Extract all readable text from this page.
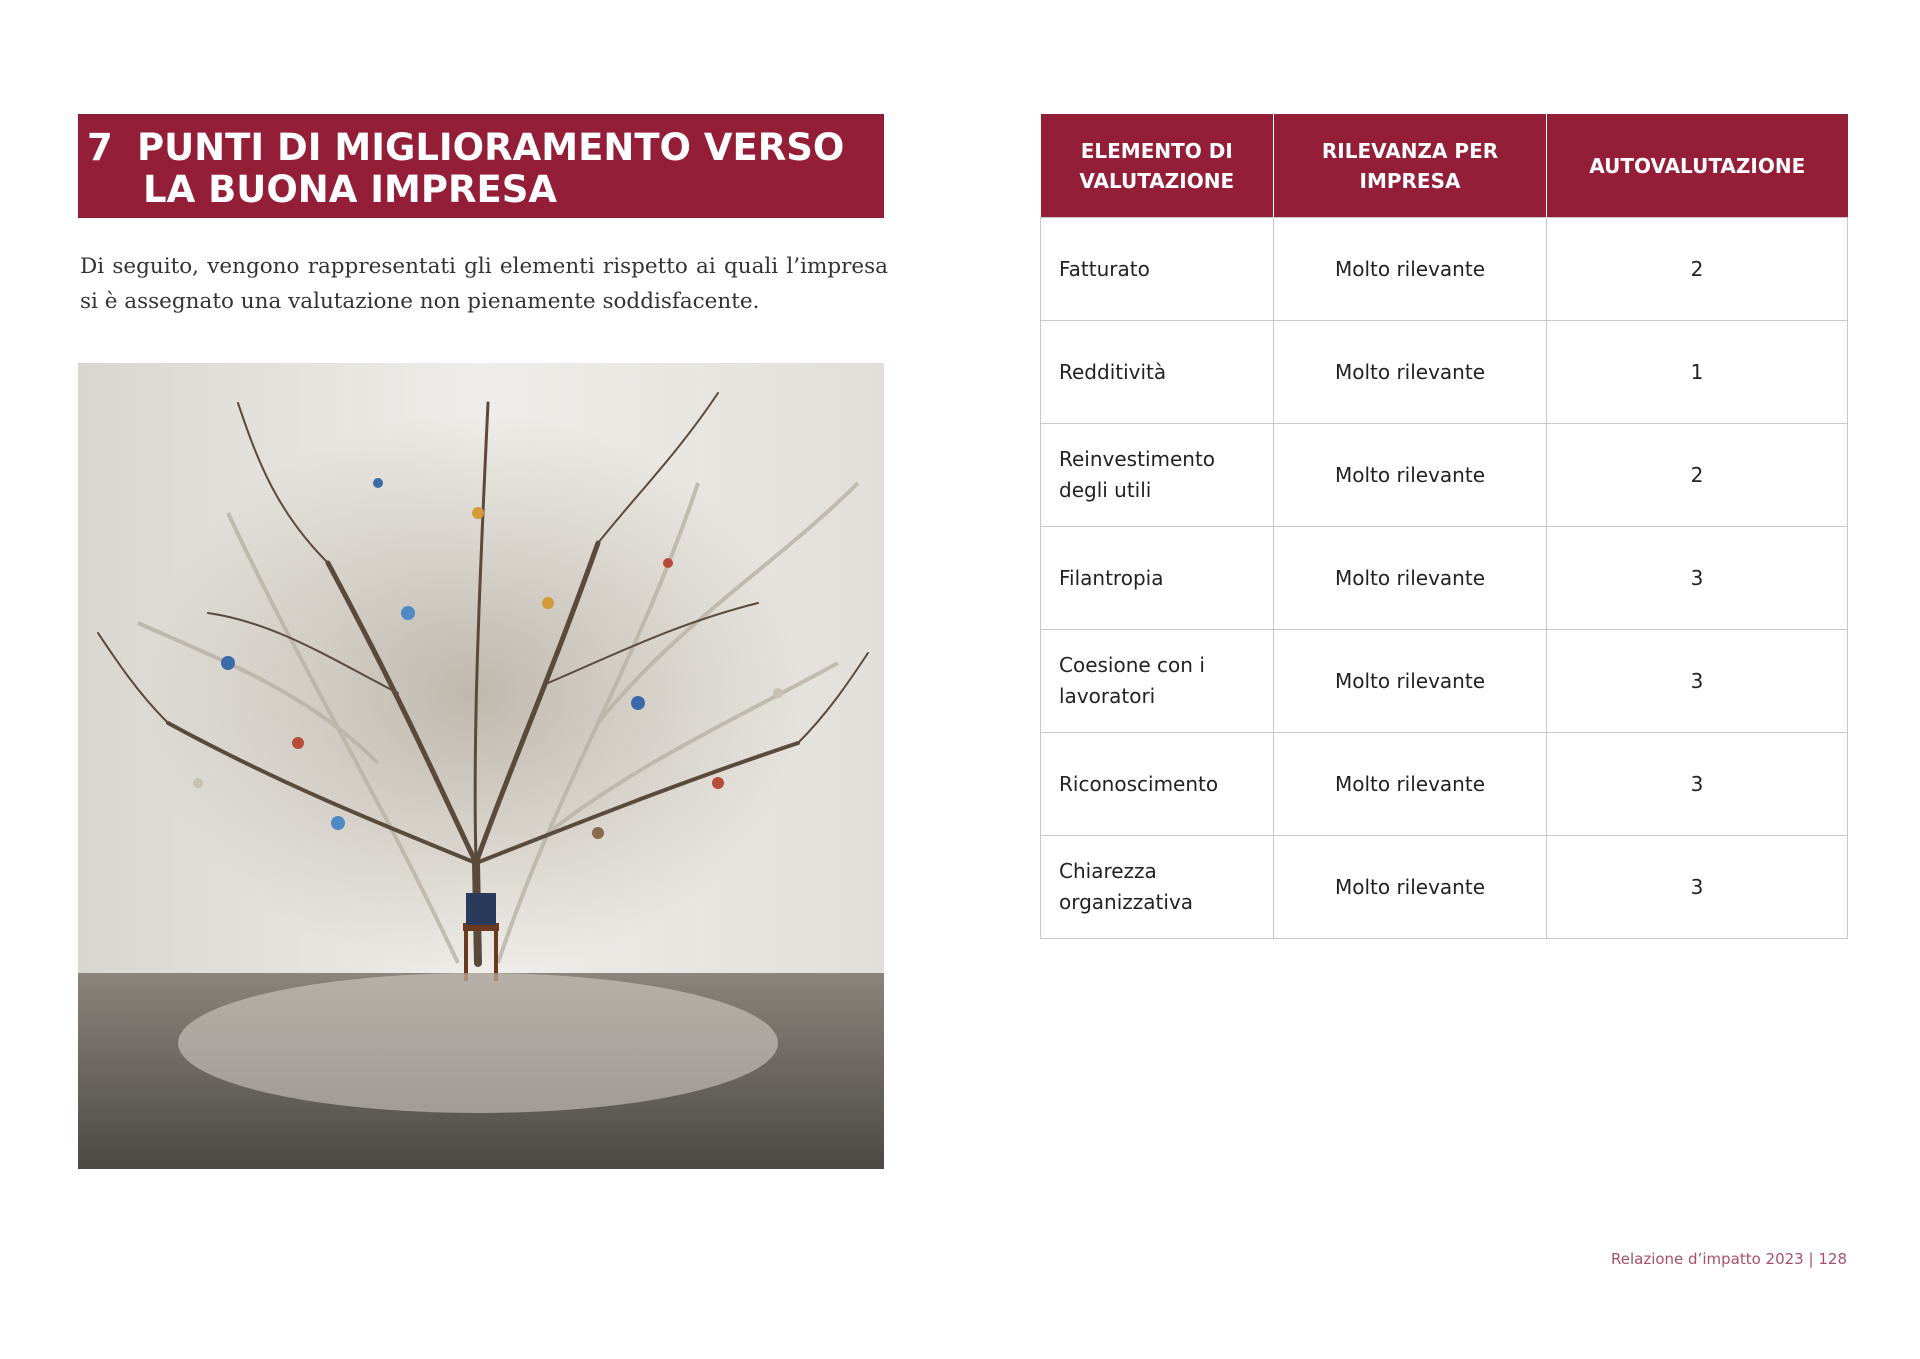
7 PUNTI DI MIGLIORAMENTO VERSO
LA BUONA IMPRESA

Di seguito, vengono rappresentati gli elementi rispetto ai quali l’impresa si è assegnato una valutazione non pienamente soddisfacente.

ELEMENTO DI VALUTAZIONE	RILEVANZA PER IMPRESA	AUTOVALUTAZIONE
Fatturato	Molto rilevante	2
Redditività	Molto rilevante	1
Reinvestimento degli utili	Molto rilevante	2
Filantropia	Molto rilevante	3
Coesione con i lavoratori	Molto rilevante	3
Riconoscimento	Molto rilevante	3
Chiarezza organizzativa	Molto rilevante	3
Relazione d’impatto 2023 | 128
